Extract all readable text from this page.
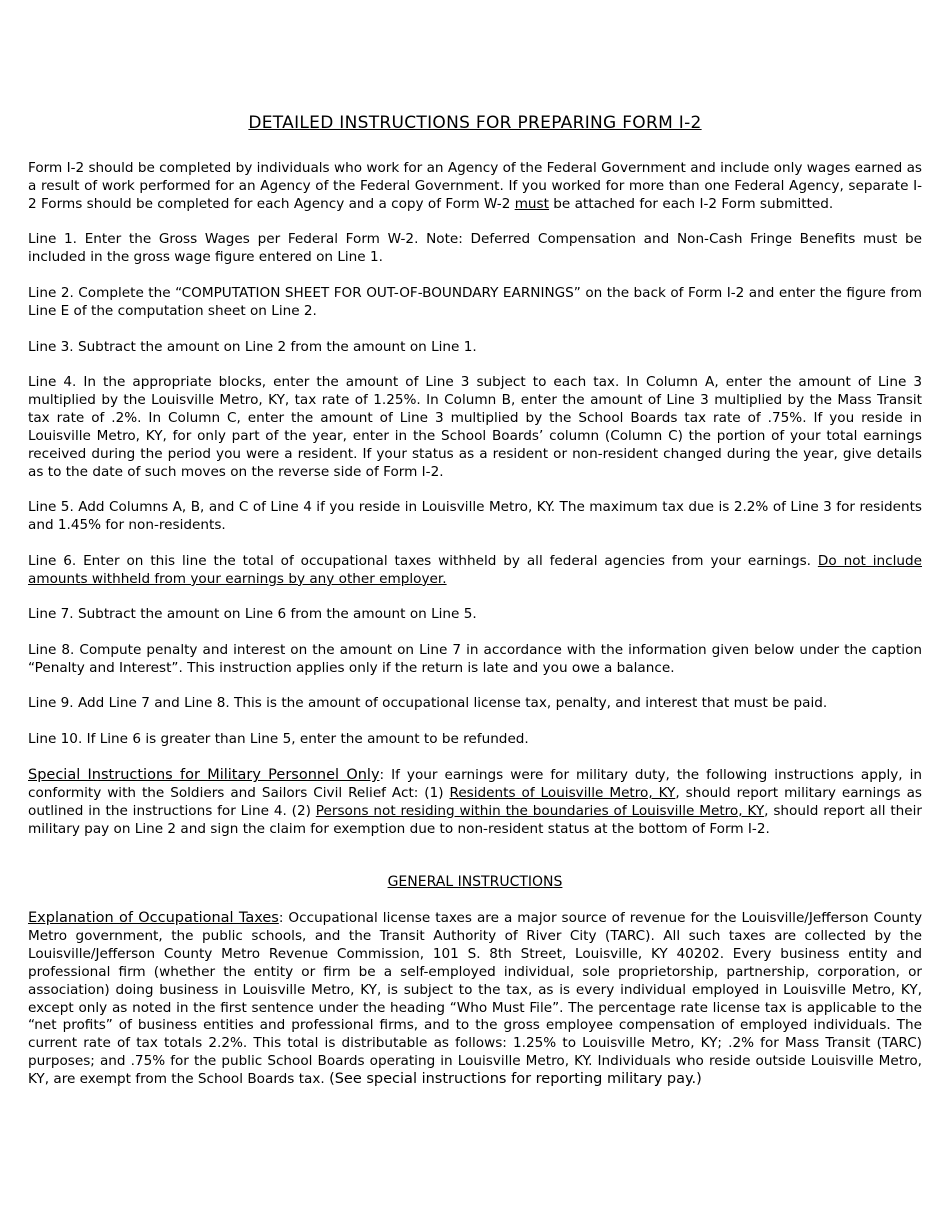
DETAILED INSTRUCTIONS FOR PREPARING FORM I-2

Form I-2 should be completed by individuals who work for an Agency of the Federal Government and include only wages earned as a result of work performed for an Agency of the Federal Government. If you worked for more than one Federal Agency, separate I-2 Forms should be completed for each Agency and a copy of Form W-2 must be attached for each I-2 Form submitted.

Line 1. Enter the Gross Wages per Federal Form W-2. Note: Deferred Compensation and Non-Cash Fringe Benefits must be included in the gross wage figure entered on Line 1.

Line 2. Complete the “COMPUTATION SHEET FOR OUT-OF-BOUNDARY EARNINGS” on the back of Form I-2 and enter the figure from Line E of the computation sheet on Line 2.

Line 3. Subtract the amount on Line 2 from the amount on Line 1.

Line 4. In the appropriate blocks, enter the amount of Line 3 subject to each tax. In Column A, enter the amount of Line 3 multiplied by the Louisville Metro, KY, tax rate of 1.25%. In Column B, enter the amount of Line 3 multiplied by the Mass Transit tax rate of .2%. In Column C, enter the amount of Line 3 multiplied by the School Boards tax rate of .75%. If you reside in Louisville Metro, KY, for only part of the year, enter in the School Boards’ column (Column C) the portion of your total earnings received during the period you were a resident. If your status as a resident or non-resident changed during the year, give details as to the date of such moves on the reverse side of Form I-2.

Line 5. Add Columns A, B, and C of Line 4 if you reside in Louisville Metro, KY. The maximum tax due is 2.2% of Line 3 for residents and 1.45% for non-residents.

Line 6. Enter on this line the total of occupational taxes withheld by all federal agencies from your earnings. Do not include amounts withheld from your earnings by any other employer.

Line 7. Subtract the amount on Line 6 from the amount on Line 5.

Line 8. Compute penalty and interest on the amount on Line 7 in accordance with the information given below under the caption “Penalty and Interest”. This instruction applies only if the return is late and you owe a balance.

Line 9. Add Line 7 and Line 8. This is the amount of occupational license tax, penalty, and interest that must be paid.

Line 10. If Line 6 is greater than Line 5, enter the amount to be refunded.

Special Instructions for Military Personnel Only: If your earnings were for military duty, the following instructions apply, in conformity with the Soldiers and Sailors Civil Relief Act: (1) Residents of Louisville Metro, KY, should report military earnings as outlined in the instructions for Line 4. (2) Persons not residing within the boundaries of Louisville Metro, KY, should report all their military pay on Line 2 and sign the claim for exemption due to non-resident status at the bottom of Form I-2.

GENERAL INSTRUCTIONS

Explanation of Occupational Taxes: Occupational license taxes are a major source of revenue for the Louisville/Jefferson County Metro government, the public schools, and the Transit Authority of River City (TARC). All such taxes are collected by the Louisville/Jefferson County Metro Revenue Commission, 101 S. 8th Street, Louisville, KY 40202. Every business entity and professional firm (whether the entity or firm be a self-employed individual, sole proprietorship, partnership, corporation, or association) doing business in Louisville Metro, KY, is subject to the tax, as is every individual employed in Louisville Metro, KY, except only as noted in the first sentence under the heading “Who Must File”. The percentage rate license tax is applicable to the “net profits” of business entities and professional firms, and to the gross employee compensation of employed individuals. The current rate of tax totals 2.2%. This total is distributable as follows: 1.25% to Louisville Metro, KY; .2% for Mass Transit (TARC) purposes; and .75% for the public School Boards operating in Louisville Metro, KY. Individuals who reside outside Louisville Metro, KY, are exempt from the School Boards tax. (See special instructions for reporting military pay.)
